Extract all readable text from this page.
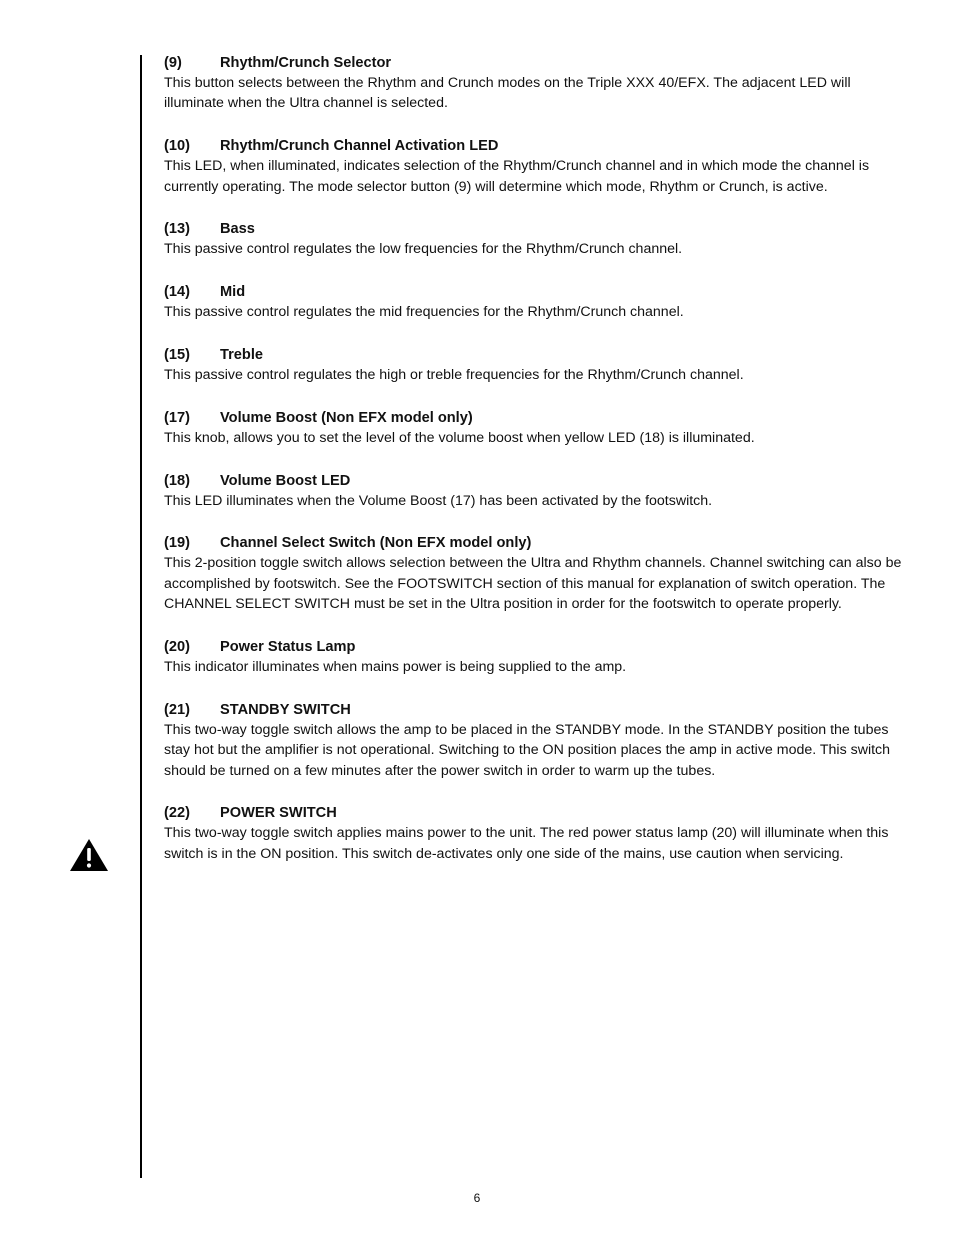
(9)	Rhythm/Crunch Selector

This button selects between the Rhythm and Crunch modes on the Triple XXX 40/EFX. The adjacent LED will illuminate when the Ultra channel is selected.

(10)	Rhythm/Crunch Channel Activation LED

This LED, when illuminated, indicates selection of the Rhythm/Crunch channel and in which mode the channel is currently operating. The mode selector button (9) will determine which mode, Rhythm or Crunch, is active.

(13)	Bass

This passive control regulates the low frequencies for the Rhythm/Crunch channel.

(14)	Mid

This passive control regulates the mid frequencies for the Rhythm/Crunch channel.

(15)	Treble

This passive control regulates the high or treble frequencies for the Rhythm/Crunch channel.

(17)	Volume Boost (Non EFX model only)

This knob, allows you to set the level of the volume boost when yellow LED (18) is illuminated.

(18)	Volume Boost LED

This LED illuminates when the Volume Boost (17) has been activated by the footswitch.

(19)	Channel Select Switch (Non EFX model only)

This 2-position toggle switch allows selection between the Ultra and Rhythm channels. Channel switching can also be accomplished by footswitch. See the FOOTSWITCH section of this manual for explanation of switch operation. The CHANNEL SELECT SWITCH must be set in the Ultra position in order for the footswitch to operate properly.

(20)	Power Status Lamp

This indicator illuminates when mains power is being supplied to the amp.

(21)	STANDBY SWITCH

This two-way toggle switch allows the amp to be placed in the STANDBY mode. In the STANDBY position the tubes stay hot but the amplifier is not operational. Switching to the ON position places the amp in active mode. This switch should be turned on a few minutes after the power switch in order to warm up the tubes.

(22)	POWER SWITCH

This two-way toggle switch applies mains power to the unit. The red power status lamp (20) will illuminate when this switch is in the ON position. This switch de-activates only one side of the mains, use caution when servicing.

6
